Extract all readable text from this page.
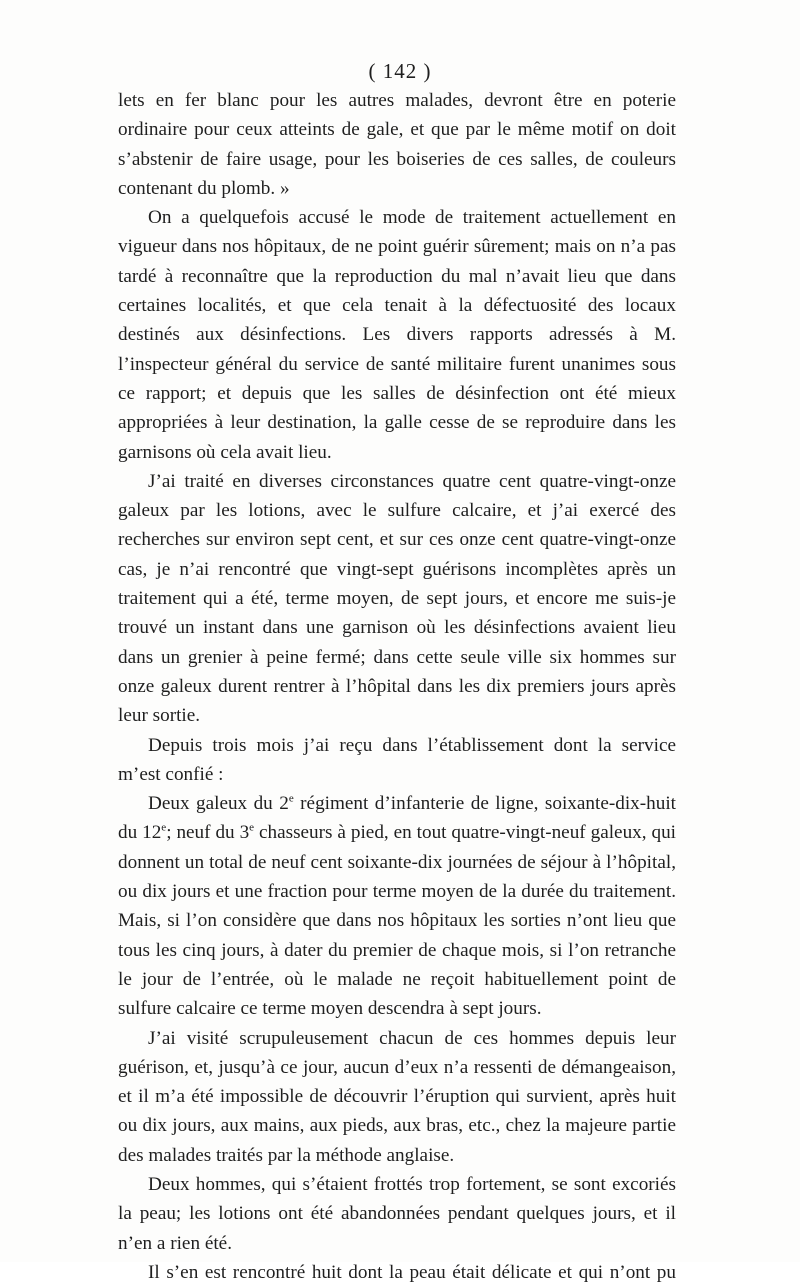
( 142 )

lets en fer blanc pour les autres malades, devront être en poterie ordinaire pour ceux atteints de gale, et que par le même motif on doit s’abstenir de faire usage, pour les boiseries de ces salles, de couleurs contenant du plomb. »

On a quelquefois accusé le mode de traitement actuellement en vigueur dans nos hôpitaux, de ne point guérir sûrement; mais on n’a pas tardé à reconnaître que la reproduction du mal n’avait lieu que dans certaines localités, et que cela tenait à la défectuosité des locaux destinés aux désinfections. Les divers rapports adressés à M. l’inspecteur général du service de santé militaire furent unanimes sous ce rapport; et depuis que les salles de désinfection ont été mieux appropriées à leur destination, la galle cesse de se reproduire dans les garnisons où cela avait lieu.

J’ai traité en diverses circonstances quatre cent quatre-vingt-onze galeux par les lotions, avec le sulfure calcaire, et j’ai exercé des recherches sur environ sept cent, et sur ces onze cent quatre-vingt-onze cas, je n’ai rencontré que vingt-sept guérisons incomplètes après un traitement qui a été, terme moyen, de sept jours, et encore me suis-je trouvé un instant dans une garnison où les désinfections avaient lieu dans un grenier à peine fermé; dans cette seule ville six hommes sur onze galeux durent rentrer à l’hôpital dans les dix premiers jours après leur sortie.

Depuis trois mois j’ai reçu dans l’établissement dont la service m’est confié :

Deux galeux du 2e régiment d’infanterie de ligne, soixante-dix-huit du 12e; neuf du 3e chasseurs à pied, en tout quatre-vingt-neuf galeux, qui donnent un total de neuf cent soixante-dix journées de séjour à l’hôpital, ou dix jours et une fraction pour terme moyen de la durée du traitement. Mais, si l’on considère que dans nos hôpitaux les sorties n’ont lieu que tous les cinq jours, à dater du premier de chaque mois, si l’on retranche le jour de l’entrée, où le malade ne reçoit habituellement point de sulfure calcaire ce terme moyen descendra à sept jours.

J’ai visité scrupuleusement chacun de ces hommes depuis leur guérison, et, jusqu’à ce jour, aucun d’eux n’a ressenti de démangeaison, et il m’a été impossible de découvrir l’éruption qui survient, après huit ou dix jours, aux mains, aux pieds, aux bras, etc., chez la majeure partie des malades traités par la méthode anglaise.

Deux hommes, qui s’étaient frottés trop fortement, se sont excoriés la peau; les lotions ont été abandonnées pendant quelques jours, et il n’en a rien été.

Il s’en est rencontré huit dont la peau était délicate et qui n’ont pu
